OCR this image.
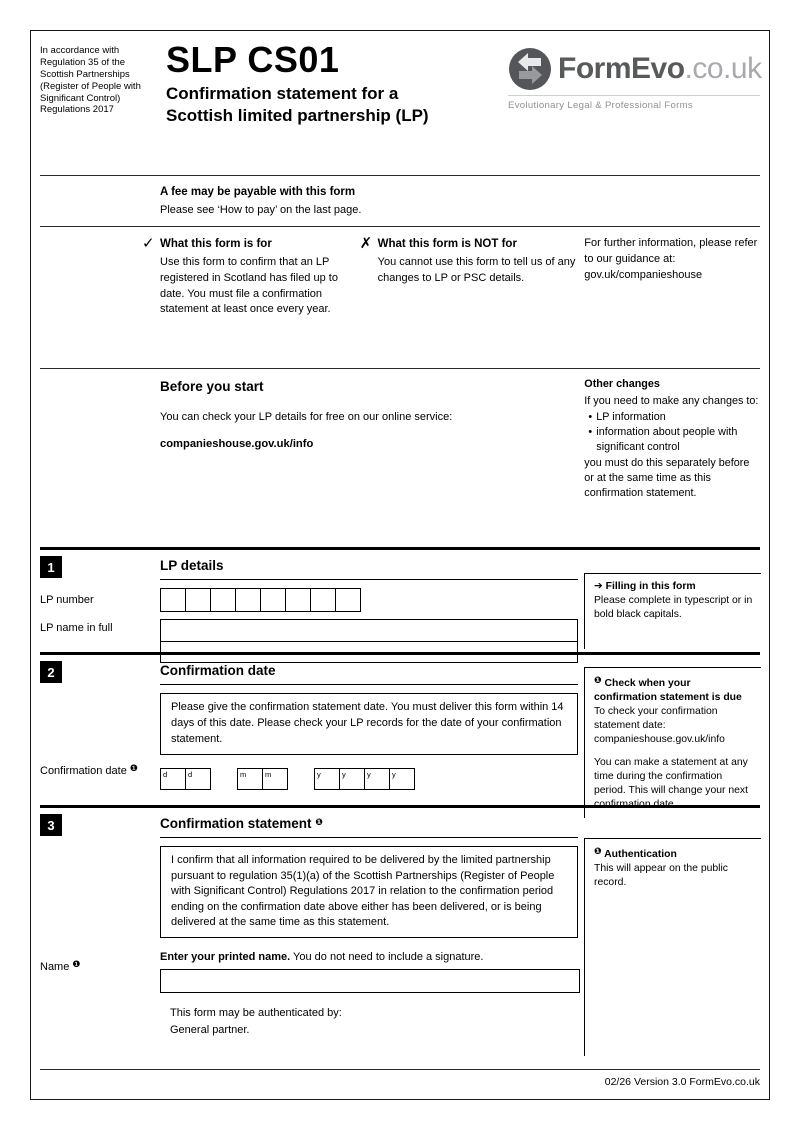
In accordance with Regulation 35 of the Scottish Partnerships (Register of People with Significant Control) Regulations 2017
SLP CS01
Confirmation statement for a
Scottish limited partnership (LP)
FormEvo.co.uk
Evolutionary Legal & Professional Forms
A fee may be payable with this form
Please see ‘How to pay’ on the last page.
✓ What this form is for
Use this form to confirm that an LP registered in Scotland has filed up to date. You must file a confirmation statement at least once every year.
✗ What this form is NOT for
You cannot use this form to tell us of any changes to LP or PSC details.
For further information, please refer to our guidance at:
gov.uk/companieshouse
Before you start
You can check your LP details for free on our online service:
companieshouse.gov.uk/info
Other changes
If you need to make any changes to:
• LP information
• information about people with significant control
you must do this separately before or at the same time as this confirmation statement.
1
LP number
LP name in full
LP details
➔ Filling in this form
Please complete in typescript or in bold black capitals.
2
Confirmation date $^❶$
Confirmation date
Please give the confirmation statement date. You must deliver this form within 14 days of this date. Please check your LP records for the date of your confirmation statement.
d	d	m	m	y	y	y	y
❶ Check when your confirmation statement is due
To check your confirmation statement date: companieshouse.gov.uk/info
You can make a statement at any time during the confirmation period. This will change your next confirmation date.
3
Name $^❶$
Confirmation statement $^❶$
I confirm that all information required to be delivered by the limited partnership pursuant to regulation 35(1)(a) of the Scottish Partnerships (Register of People with Significant Control) Regulations 2017 in relation to the confirmation period ending on the confirmation date above either has been delivered, or is being delivered at the same time as this statement.
Enter your printed name. You do not need to include a signature.
This form may be authenticated by:
General partner.
❶ Authentication
This will appear on the public record.
02/26 Version 3.0 FormEvo.co.uk
